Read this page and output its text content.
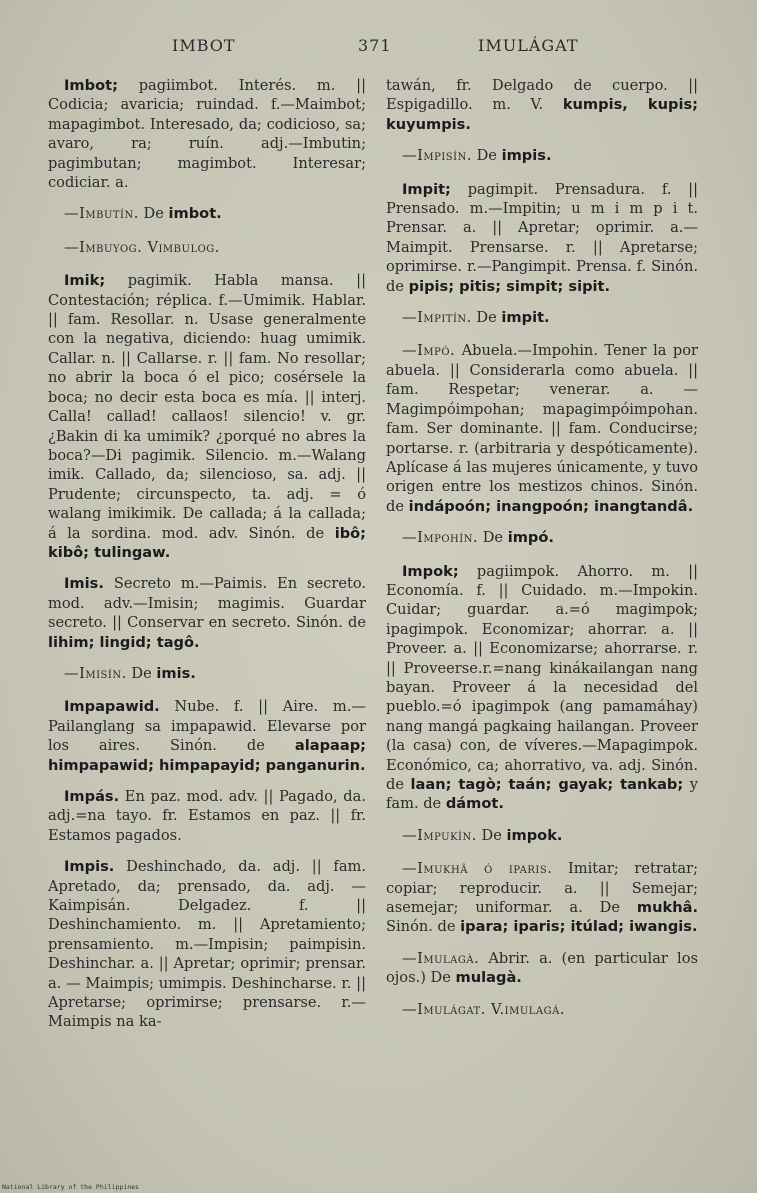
IMBOT	371	IMULÁGAT

Imbot; pagiimbot. Interés. m. || Codicia; avaricia; ruindad. f.—Maimbot; mapagimbot. Interesado, da; codicioso, sa; avaro, ra; ruín. adj.—Imbutin; pagimbutan; magimbot. Interesar; codiciar. a.

—Imbutín. De imbot.

—Imbuyog. Vimbulog.

Imik; pagimik. Habla mansa. || Contestación; réplica. f.—Umimik. Hablar. || fam. Resollar. n. Usase generalmente con la negativa, diciendo: huag umimik. Callar. n. || Callarse. r. || fam. No resollar; no abrir la boca ó el pico; cosérsele la boca; no decir esta boca es mía. || interj. Calla! callad! callaos! silencio! v. gr. ¿Bakin di ka umimik? ¿porqué no abres la boca?—Di pagimik. Silencio. m.—Walang imik. Callado, da; silencioso, sa. adj. || Prudente; circunspecto, ta. adj. = ó walang imikimik. De callada; á la callada; á la sordina. mod. adv. Sinón. de ibô; kibô; tulingaw.

Imis. Secreto m.—Paimis. En secreto. mod. adv.—Imisin; magimis. Guardar secreto. || Conservar en secreto. Sinón. de lihim; lingid; tagô.

—Imisín. De imis.

Impapawid. Nube. f. || Aire. m.—Pailanglang sa impapawid. Elevarse por los aires. Sinón. de alapaap; himpapawid; himpapayid; panganurin.

Impás. En paz. mod. adv. || Pagado, da. adj.=na tayo. fr. Estamos en paz. || fr. Estamos pagados.

Impis. Deshinchado, da. adj. || fam. Apretado, da; prensado, da. adj. —Kaimpisán. Delgadez. f. || Deshinchamiento. m. || Apretamiento; prensamiento. m.—Impisin; paimpisin. Deshinchar. a. || Apretar; oprimir; prensar. a. — Maimpis; umimpis. Deshincharse. r. || Apretarse; oprimirse; prensarse. r.—Maimpis na ka-

tawán, fr. Delgado de cuerpo. || Espigadillo. m. V. kumpis, kupis; kuyumpis.

—Impisín. De impis.

Impit; pagimpit. Prensadura. f. || Prensado. m.—Impitin; u m i m p i t. Prensar. a. || Apretar; oprimir. a.—Maimpit. Prensarse. r. || Apretarse; oprimirse. r.—Pangimpit. Prensa. f. Sinón. de pipis; pitis; simpit; sipit.

—Impitín. De impit.

—Impó. Abuela.—Impohin. Tener la por abuela. || Considerarla como abuela. || fam. Respetar; venerar. a. —Magimpóimpohan; mapagimpóimpohan. fam. Ser dominante. || fam. Conducirse; portarse. r. (arbitraria y despóticamente). Aplícase á las mujeres únicamente, y tuvo origen entre los mestizos chinos. Sinón. de indápoón; inangpoón; inangtandâ.

—Impohín. De impó.

Impok; pagiimpok. Ahorro. m. || Economía. f. || Cuidado. m.—Impokin. Cuidar; guardar. a.=ó magimpok; ipagimpok. Economizar; ahorrar. a. || Proveer. a. || Economizarse; ahorrarse. r. || Proveerse.r.=nang kinákailangan nang bayan. Proveer á la necesidad del pueblo.=ó ipagimpok (ang pamamáhay) nang mangá pagkaing hailangan. Proveer (la casa) con, de víveres.—Mapagimpok. Económico, ca; ahorrativo, va. adj. Sinón. de laan; tagò; taán; gayak; tankab; y fam. de dámot.

—Impukín. De impok.

—Imukhâ ó iparis. Imitar; retratar; copiar; reproducir. a. || Semejar; asemejar; uniformar. a. De mukhâ. Sinón. de ipara; iparis; itúlad; iwangis.

—Imulagà. Abrir. a. (en particular los ojos.) De mulagà.

—Imulágat. V.imulagá.

National Library of the Philippines
